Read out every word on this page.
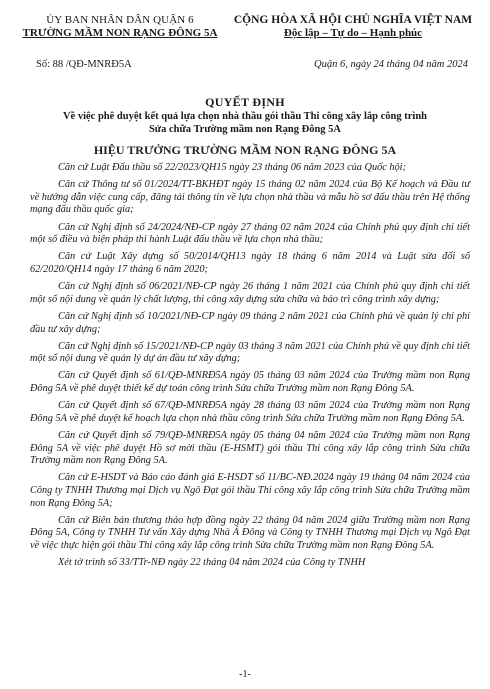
ỦY BAN NHÂN DÂN QUẬN 6
TRƯỜNG MẦM NON RẠNG ĐÔNG 5A
Số: 88 /QĐ-MNRĐ5A
CỘNG HÒA XÃ HỘI CHỦ NGHĨA VIỆT NAM
Độc lập – Tự do – Hạnh phúc
Quận 6, ngày 24 tháng 04 năm 2024
QUYẾT ĐỊNH
Về việc phê duyệt kết quả lựa chọn nhà thầu gói thầu Thi công xây lắp công trình Sửa chữa Trường mầm non Rạng Đông 5A
HIỆU TRƯỞNG TRƯỜNG MẦM NON RẠNG ĐÔNG 5A

Căn cứ Luật Đấu thầu số 22/2023/QH15 ngày 23 tháng 06 năm 2023 của Quốc hội;

Căn cứ Thông tư số 01/2024/TT-BKHĐT ngày 15 tháng 02 năm 2024 của Bộ Kế hoạch và Đầu tư về hướng dẫn việc cung cấp, đăng tải thông tin về lựa chọn nhà thầu và mẫu hồ sơ đấu thầu trên Hệ thống mạng đấu thầu quốc gia;

Căn cứ Nghị định số 24/2024/NĐ-CP ngày 27 tháng 02 năm 2024 của Chính phủ quy định chi tiết một số điều và biện pháp thi hành Luật đấu thầu về lựa chọn nhà thầu;

Căn cứ Luật Xây dựng số 50/2014/QH13 ngày 18 tháng 6 năm 2014 và Luật sửa đổi số 62/2020/QH14 ngày 17 tháng 6 năm 2020;

Căn cứ Nghị định số 06/2021/NĐ-CP ngày 26 tháng 1 năm 2021 của Chính phủ quy định chi tiết một số nội dung về quản lý chất lượng, thi công xây dựng sửa chữa và bảo trì công trình xây dựng;

Căn cứ Nghị định số 10/2021/NĐ-CP ngày 09 tháng 2 năm 2021 của Chính phủ về quản lý chi phí đầu tư xây dựng;

Căn cứ Nghị định số 15/2021/NĐ-CP ngày 03 tháng 3 năm 2021 của Chính phủ về quy định chi tiết một số nội dung về quản lý dự án đầu tư xây dựng;

Căn cứ Quyết định số 61/QĐ-MNRĐ5A ngày 05 tháng 03 năm 2024 của Trường mầm non Rạng Đông 5A về phê duyệt thiết kế dự toán công trình Sửa chữa Trường mầm non Rạng Đông 5A.

Căn cứ Quyết định số 67/QĐ-MNRĐ5A ngày 28 tháng 03 năm 2024 của Trường mầm non Rạng Đông 5A về phê duyệt kế hoạch lựa chọn nhà thầu công trình Sửa chữa Trường mầm non Rạng Đông 5A.

Căn cứ Quyết định số 79/QĐ-MNRĐ5A ngày 05 tháng 04 năm 2024 của Trường mầm non Rạng Đông 5A về việc phê duyệt Hồ sơ mời thầu (E-HSMT) gói thầu Thi công xây lắp công trình Sửa chữa Trường mầm non Rạng Đông 5A.

Căn cứ E-HSDT và Báo cáo đánh giá E-HSDT số 11/BC-NĐ.2024 ngày 19 tháng 04 năm 2024 của Công ty TNHH Thương mại Dịch vụ Ngô Đạt gói thầu Thi công xây lắp công trình Sửa chữa Trường mầm non Rạng Đông 5A;

Căn cứ Biên bản thương thảo hợp đồng ngày 22 tháng 04 năm 2024 giữa Trường mầm non Rạng Đông 5A, Công ty TNHH Tư vấn Xây dựng Nhà Á Đông và Công ty TNHH Thương mại Dịch vụ Ngô Đạt về việc thực hiện gói thầu Thi công xây lắp công trình Sửa chữa Trường mầm non Rạng Đông 5A.

Xét tờ trình số 33/TTr-NĐ ngày 22 tháng 04 năm 2024 của Công ty TNHH

-1-
